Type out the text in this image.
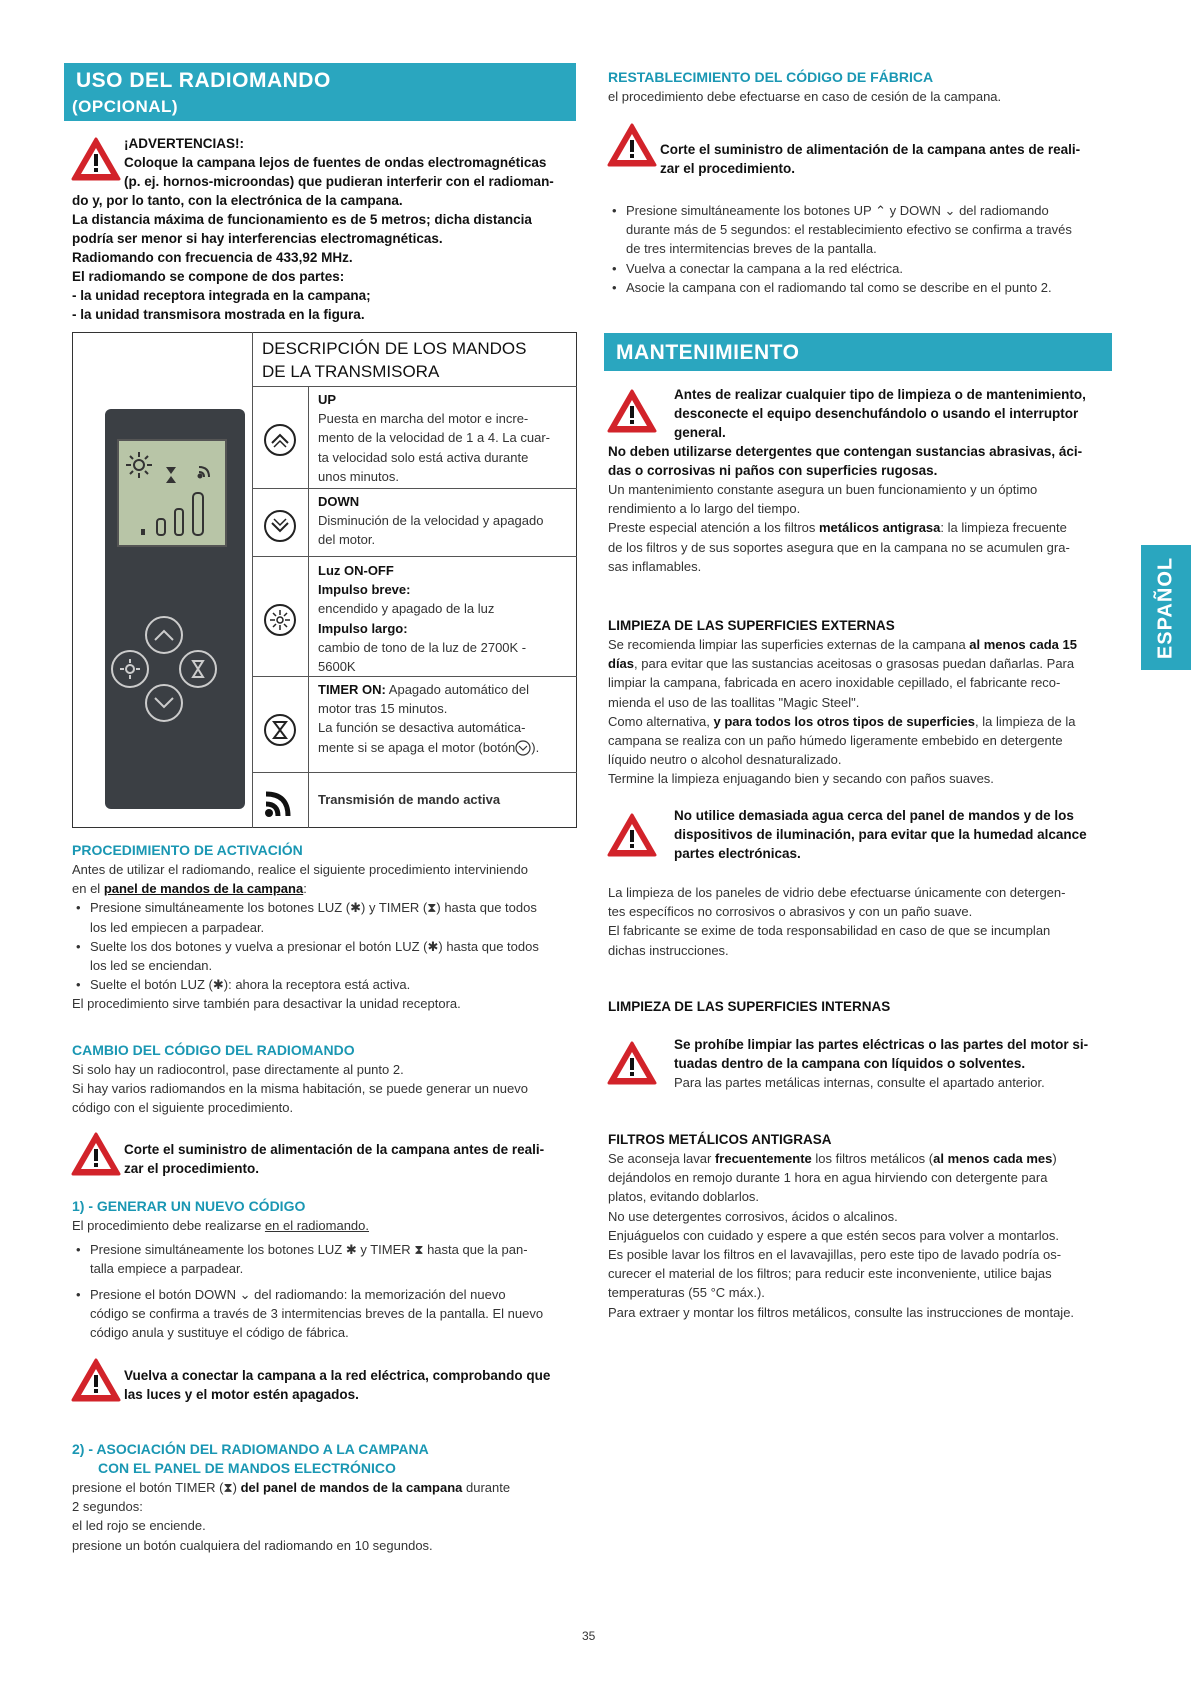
USO DEL RADIOMANDO
(OPCIONAL)
¡ADVERTENCIAS!:
Coloque la campana lejos de fuentes de ondas electromagnéticas
(p. ej. hornos-microondas) que pudieran interferir con el radioman-
do y, por lo tanto, con la electrónica de la campana.
La distancia máxima de funcionamiento es de 5 metros; dicha distancia
podría ser menor si hay interferencias electromagnéticas.
Radiomando con frecuencia de 433,92 MHz.
El radiomando se compone de dos partes:
- la unidad receptora integrada en la campana;
- la unidad transmisora mostrada en la figura.
DESCRIPCIÓN DE LOS MANDOS
DE LA TRANSMISORA
UP
Puesta en marcha del motor e incre-
mento de la velocidad de 1 a 4. La cuar-
ta velocidad solo está activa durante
unos minutos.
DOWN
Disminución de la velocidad y apagado
del motor.
Luz ON-OFF
Impulso breve:
encendido y apagado de la luz
Impulso largo:
cambio de tono de la luz de 2700K -
5600K
TIMER ON: Apagado automático del
motor tras 15 minutos.
La función se desactiva automática-
mente si se apaga el motor (botón ).
Transmisión de mando activa
PROCEDIMIENTO DE ACTIVACIÓN
Antes de utilizar el radiomando, realice el siguiente procedimiento interviniendo
en el panel de mandos de la campana:
• Presione simultáneamente los botones LUZ (✱) y TIMER (⧗) hasta que todos
los led empiecen a parpadear.
• Suelte los dos botones y vuelva a presionar el botón LUZ (✱) hasta que todos
los led se enciendan.
• Suelte el botón LUZ (✱): ahora la receptora está activa.
El procedimiento sirve también para desactivar la unidad receptora.
CAMBIO DEL CÓDIGO DEL RADIOMANDO
Si solo hay un radiocontrol, pase directamente al punto 2.
Si hay varios radiomandos en la misma habitación, se puede generar un nuevo
código con el siguiente procedimiento.
Corte el suministro de alimentación de la campana antes de reali-
zar el procedimiento.
1) - GENERAR UN NUEVO CÓDIGO
El procedimiento debe realizarse en el radiomando.
• Presione simultáneamente los botones LUZ ✱ y TIMER ⧗ hasta que la pan-
talla empiece a parpadear.
• Presione el botón DOWN ⌄ del radiomando: la memorización del nuevo
código se confirma a través de 3 intermitencias breves de la pantalla. El nuevo
código anula y sustituye el código de fábrica.
Vuelva a conectar la campana a la red eléctrica, comprobando que
las luces y el motor estén apagados.
2) - ASOCIACIÓN DEL RADIOMANDO A LA CAMPANA
CON EL PANEL DE MANDOS ELECTRÓNICO
presione el botón TIMER (⧗) del panel de mandos de la campana durante
2 segundos:
el led rojo se enciende.
presione un botón cualquiera del radiomando en 10 segundos.
RESTABLECIMIENTO DEL CÓDIGO DE FÁBRICA
el procedimiento debe efectuarse en caso de cesión de la campana.
Corte el suministro de alimentación de la campana antes de reali-
zar el procedimiento.
• Presione simultáneamente los botones UP ⌃ y DOWN ⌄ del radiomando
durante más de 5 segundos: el restablecimiento efectivo se confirma a través
de tres intermitencias breves de la pantalla.
• Vuelva a conectar la campana a la red eléctrica.
• Asocie la campana con el radiomando tal como se describe en el punto 2.
MANTENIMIENTO
Antes de realizar cualquier tipo de limpieza o de mantenimiento,
desconecte el equipo desenchufándolo o usando el interruptor
general.
No deben utilizarse detergentes que contengan sustancias abrasivas, áci-
das o corrosivas ni paños con superficies rugosas.
Un mantenimiento constante asegura un buen funcionamiento y un óptimo
rendimiento a lo largo del tiempo.
Preste especial atención a los filtros metálicos antigrasa: la limpieza frecuente
de los filtros y de sus soportes asegura que en la campana no se acumulen gra-
sas inflamables.
LIMPIEZA DE LAS SUPERFICIES EXTERNAS
Se recomienda limpiar las superficies externas de la campana al menos cada 15
días, para evitar que las sustancias aceitosas o grasosas puedan dañarlas. Para
limpiar la campana, fabricada en acero inoxidable cepillado, el fabricante reco-
mienda el uso de las toallitas "Magic Steel".
Como alternativa, y para todos los otros tipos de superficies, la limpieza de la
campana se realiza con un paño húmedo ligeramente embebido en detergente
líquido neutro o alcohol desnaturalizado.
Termine la limpieza enjuagando bien y secando con paños suaves.
No utilice demasiada agua cerca del panel de mandos y de los
dispositivos de iluminación, para evitar que la humedad alcance
partes electrónicas.
La limpieza de los paneles de vidrio debe efectuarse únicamente con detergen-
tes específicos no corrosivos o abrasivos y con un paño suave.
El fabricante se exime de toda responsabilidad en caso de que se incumplan
dichas instrucciones.
LIMPIEZA DE LAS SUPERFICIES INTERNAS
Se prohíbe limpiar las partes eléctricas o las partes del motor si-
tuadas dentro de la campana con líquidos o solventes.
Para las partes metálicas internas, consulte el apartado anterior.
FILTROS METÁLICOS ANTIGRASA
Se aconseja lavar frecuentemente los filtros metálicos (al menos cada mes)
dejándolos en remojo durante 1 hora en agua hirviendo con detergente para
platos, evitando doblarlos.
No use detergentes corrosivos, ácidos o alcalinos.
Enjuáguelos con cuidado y espere a que estén secos para volver a montarlos.
Es posible lavar los filtros en el lavavajillas, pero este tipo de lavado podría os-
curecer el material de los filtros; para reducir este inconveniente, utilice bajas
temperaturas (55 °C máx.).
Para extraer y montar los filtros metálicos, consulte las instrucciones de montaje.
ESPAÑOL
35
